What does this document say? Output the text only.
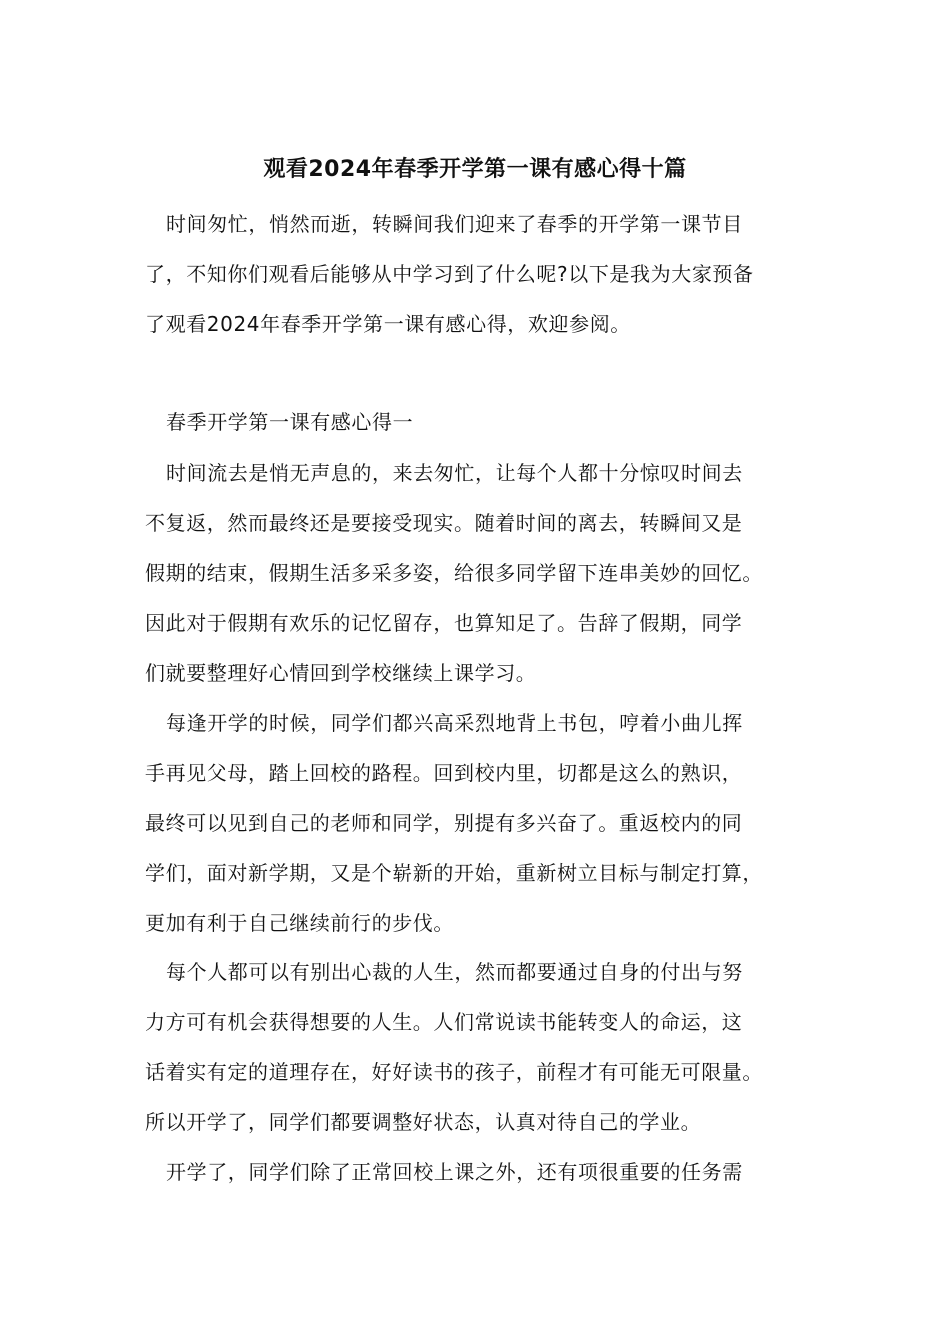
观看2024年春季开学第一课有感心得十篇
时间匆忙，悄然而逝，转瞬间我们迎来了春季的开学第一课节目
了，不知你们观看后能够从中学习到了什么呢?以下是我为大家预备
了观看2024年春季开学第一课有感心得，欢迎参阅。
春季开学第一课有感心得一
时间流去是悄无声息的，来去匆忙，让每个人都十分惊叹时间去
不复返，然而最终还是要接受现实。随着时间的离去，转瞬间又是
假期的结束，假期生活多采多姿，给很多同学留下连串美妙的回忆。
因此对于假期有欢乐的记忆留存，也算知足了。告辞了假期，同学
们就要整理好心情回到学校继续上课学习。
每逢开学的时候，同学们都兴高采烈地背上书包，哼着小曲儿挥
手再见父母，踏上回校的路程。回到校内里，切都是这么的熟识，
最终可以见到自己的老师和同学，别提有多兴奋了。重返校内的同
学们，面对新学期，又是个崭新的开始，重新树立目标与制定打算，
更加有利于自己继续前行的步伐。
每个人都可以有别出心裁的人生，然而都要通过自身的付出与努
力方可有机会获得想要的人生。人们常说读书能转变人的命运，这
话着实有定的道理存在，好好读书的孩子，前程才有可能无可限量。
所以开学了，同学们都要调整好状态，认真对待自己的学业。
开学了，同学们除了正常回校上课之外，还有项很重要的任务需
